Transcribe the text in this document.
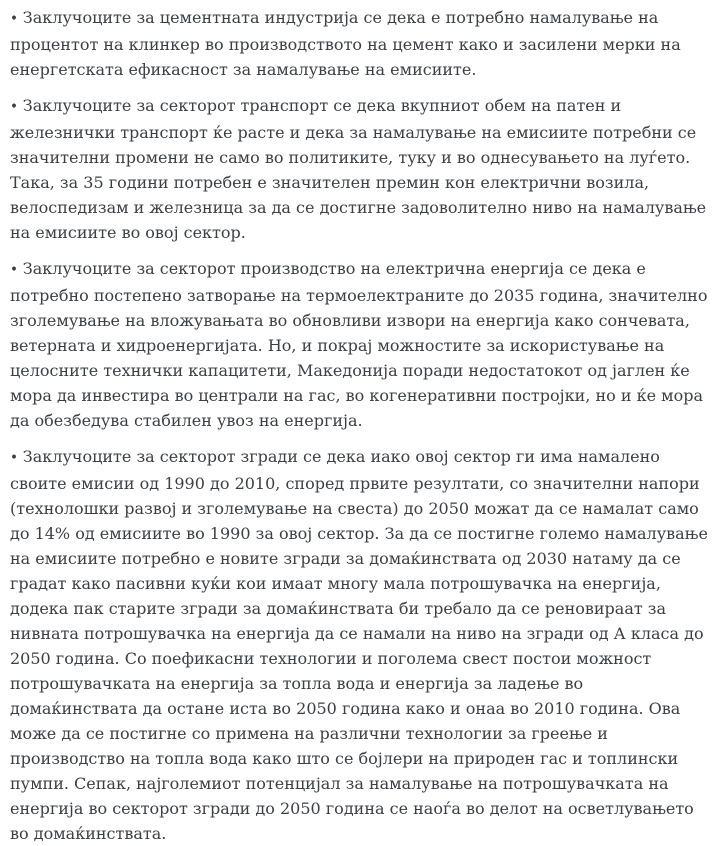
• Заклучоците за цементната индустрија се дека е потребно намалување на процентот на клинкер во производството на цемент како и засилени мерки на енергетската ефикасност за намалување на емисиите.

• Заклучоците за секторот транспорт се дека вкупниот обем на патен и железнички транспорт ќе расте и дека за намалување на емисиите потребни се значителни промени не само во политиките, туку и во однесувањето на луѓето. Така, за 35 години потребен е значителен премин кон електрични возила, велоспедизам и железница за да се достигне задоволително ниво на намалување на емисиите во овој сектор.

• Заклучоците за секторот производство на електрична енергија се дека е потребно постепено затворање на термоелектраните до 2035 година, значително зголемување на вложувањата во обновливи извори на енергија како сончевата, ветерната и хидроенергијата. Но, и покрај можностите за искористување на целосните технички капацитети, Македонија поради недостатокот од јаглен ќе мора да инвестира во централи на гас, во когенеративни постројки, но и ќе мора да обезбедува стабилен увоз на енергија.

• Заклучоците за секторот згради се дека иако овој сектор ги има намалено своите емисии од 1990 до 2010, според првите резултати, со значителни напори (технолошки развој и зголемување на свеста) до 2050 можат да се намалат само до 14% од емисиите во 1990 за овој сектор. За да се постигне големо намалување на емисиите потребно е новите згради за домаќинствата од 2030 натаму да се градат како пасивни куќи кои имаат многу мала потрошувачка на енергија, додека пак старите згради за домаќинствата би требало да се реновираат за нивната потрошувачка на енергија да се намали на ниво на згради од А класа до 2050 година. Со поефикасни технологии и поголема свест постои можност потрошувачката на енергија за топла вода и енергија за ладење во домаќинствата да остане иста во 2050 година како и онаа во 2010 година. Ова може да се постигне со примена на различни технологии за греење и производство на топла вода како што се бојлери на природен гас и топлински пумпи. Сепак, најголемиот потенцијал за намалување на потрошувачката на енергија во секторот згради до 2050 година се наоѓа во делот на осветлувањето во домаќинствата.
